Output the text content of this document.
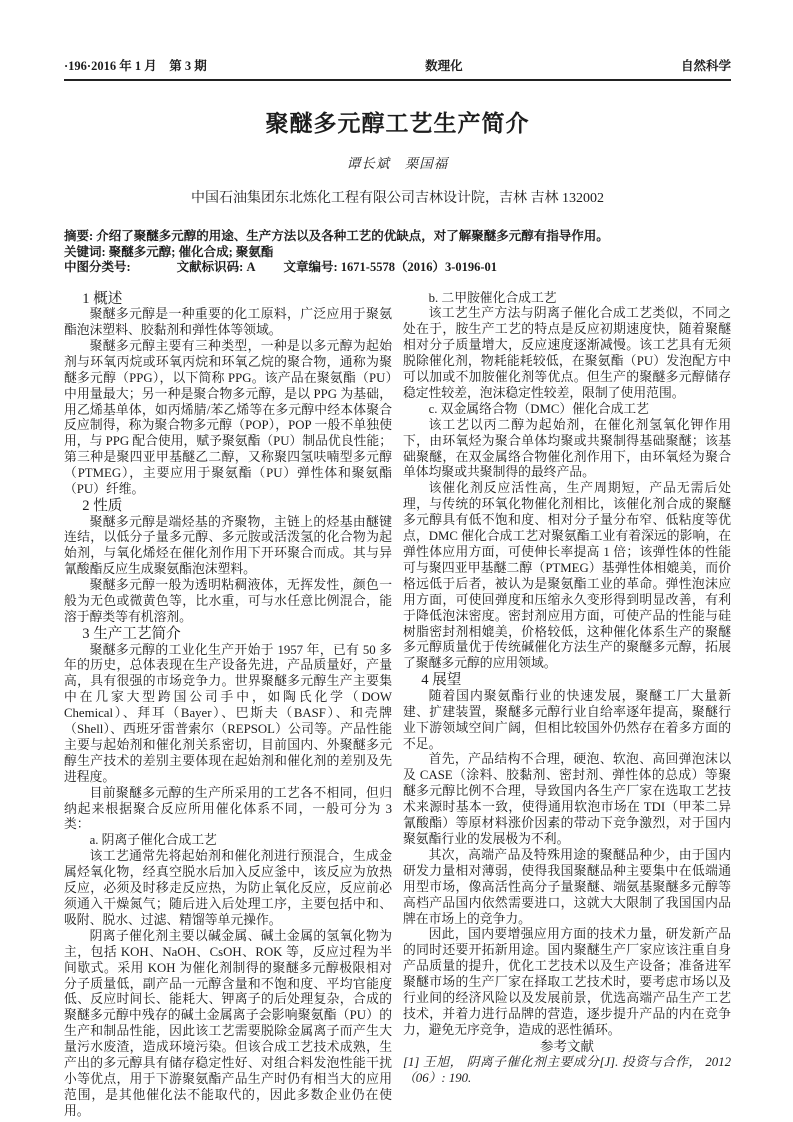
·196·2016 年 1 月　第 3 期	数理化	自然科学
聚醚多元醇工艺生产简介
谭长斌　栗国福
中国石油集团东北炼化工程有限公司吉林设计院，吉林 吉林 132002

摘要: 介绍了聚醚多元醇的用途、生产方法以及各种工艺的优缺点，对了解聚醚多元醇有指导作用。

关键词: 聚醚多元醇; 催化合成; 聚氨酯

中图分类号:	文献标识码: A 文章编号: 1671-5578（2016）3-0196-01

1 概述

聚醚多元醇是一种重要的化工原料，广泛应用于聚氨酯泡沫塑料、胶黏剂和弹性体等领域。

聚醚多元醇主要有三种类型，一种是以多元醇为起始剂与环氧丙烷或环氧丙烷和环氧乙烷的聚合物，通称为聚醚多元醇（PPG），以下简称 PPG。该产品在聚氨酯（PU）中用量最大；另一种是聚合物多元醇，是以 PPG 为基础，用乙烯基单体，如丙烯腈/苯乙烯等在多元醇中经本体聚合反应制得，称为聚合物多元醇（POP），POP 一般不单独使用，与 PPG 配合使用，赋予聚氨酯（PU）制品优良性能；第三种是聚四亚甲基醚乙二醇，又称聚四氢呋喃型多元醇（PTMEG），主要应用于聚氨酯（PU）弹性体和聚氨酯（PU）纤维。

2 性质

聚醚多元醇是端烃基的齐聚物，主链上的烃基由醚键连结，以低分子量多元醇、多元胺或活泼氢的化合物为起始剂，与氧化烯烃在催化剂作用下开环聚合而成。其与异氰酸酯反应生成聚氨酯泡沫塑料。

聚醚多元醇一般为透明粘稠液体，无挥发性，颜色一般为无色或微黄色等，比水重，可与水任意比例混合，能溶于醇类等有机溶剂。

3 生产工艺简介

聚醚多元醇的工业化生产开始于 1957 年，已有 50 多年的历史，总体表现在生产设备先进，产品质量好，产量高，具有很强的市场竞争力。世界聚醚多元醇生产主要集中在几家大型跨国公司手中，如陶氏化学（DOW Chemical）、拜耳（Bayer）、巴斯夫（BASF）、和壳牌（Shell）、西班牙雷普索尔（REPSOL）公司等。产品性能主要与起始剂和催化剂关系密切，目前国内、外聚醚多元醇生产技术的差别主要体现在起始剂和催化剂的差别及先进程度。

目前聚醚多元醇的生产所采用的工艺各不相同，但归纳起来根据聚合反应所用催化体系不同，一般可分为 3 类：

a. 阴离子催化合成工艺

该工艺通常先将起始剂和催化剂进行预混合，生成金属烃氧化物，经真空脱水后加入反应釜中，该反应为放热反应，必须及时移走反应热，为防止氧化反应，反应前必须通入干燥氮气；随后进入后处理工序，主要包括中和、吸附、脱水、过滤、精馏等单元操作。

阴离子催化剂主要以碱金属、碱土金属的氢氧化物为主，包括 KOH、NaOH、CsOH、ROK 等，反应过程为半间歇式。采用 KOH 为催化剂制得的聚醚多元醇极限相对分子质量低，副产品一元醇含量和不饱和度、平均官能度低、反应时间长、能耗大、钾离子的后处理复杂，合成的聚醚多元醇中残存的碱土金属离子会影响聚氨酯（PU）的生产和制品性能，因此该工艺需要脱除金属离子而产生大量污水废渣，造成环境污染。但该合成工艺技术成熟，生产出的多元醇具有储存稳定性好、对组合料发泡性能干扰小等优点，用于下游聚氨酯产品生产时仍有相当大的应用范围，是其他催化法不能取代的，因此多数企业仍在使用。

b. 二甲胺催化合成工艺

该工艺生产方法与阴离子催化合成工艺类似，不同之处在于，胺生产工艺的特点是反应初期速度快，随着聚醚相对分子质量增大，反应速度逐渐减慢。该工艺具有无须脱除催化剂，物耗能耗较低，在聚氨酯（PU）发泡配方中可以加或不加胺催化剂等优点。但生产的聚醚多元醇储存稳定性较差，泡沫稳定性较差，限制了使用范围。

c. 双金属络合物（DMC）催化合成工艺

该工艺以丙二醇为起始剂，在催化剂氢氧化钾作用下，由环氧烃为聚合单体均聚或共聚制得基础聚醚；该基础聚醚，在双金属络合物催化剂作用下，由环氧烃为聚合单体均聚或共聚制得的最终产品。

该催化剂反应活性高，生产周期短，产品无需后处理，与传统的环氧化物催化剂相比，该催化剂合成的聚醚多元醇具有低不饱和度、相对分子量分布窄、低粘度等优点，DMC 催化合成工艺对聚氨酯工业有着深远的影响，在弹性体应用方面，可使伸长率提高 1 倍；该弹性体的性能可与聚四亚甲基醚二醇（PTMEG）基弹性体相媲美，而价格远低于后者，被认为是聚氨酯工业的革命。弹性泡沫应用方面，可使回弹度和压缩永久变形得到明显改善，有利于降低泡沫密度。密封剂应用方面，可使产品的性能与硅树脂密封剂相媲美，价格较低，这种催化体系生产的聚醚多元醇质量优于传统碱催化方法生产的聚醚多元醇，拓展了聚醚多元醇的应用领域。

4 展望

随着国内聚氨酯行业的快速发展，聚醚工厂大量新建、扩建装置，聚醚多元醇行业自给率逐年提高，聚醚行业下游领域空间广阔，但相比较国外仍然存在着多方面的不足。

首先，产品结构不合理，硬泡、软泡、高回弹泡沫以及 CASE（涂料、胶黏剂、密封剂、弹性体的总成）等聚醚多元醇比例不合理，导致国内各生产厂家在选取工艺技术来源时基本一致，使得通用软泡市场在 TDI（甲苯二异氰酸酯）等原材料涨价因素的带动下竞争激烈，对于国内聚氨酯行业的发展极为不利。

其次，高端产品及特殊用途的聚醚品种少，由于国内研发力量相对薄弱，使得我国聚醚品种主要集中在低端通用型市场，像高活性高分子量聚醚、端氨基聚醚多元醇等高档产品国内依然需要进口，这就大大限制了我国国内品牌在市场上的竞争力。

因此，国内要增强应用方面的技术力量，研发新产品的同时还要开拓新用途。国内聚醚生产厂家应该注重自身产品质量的提升，优化工艺技术以及生产设备；准备进军聚醚市场的生产厂家在择取工艺技术时，要考虑市场以及行业间的经济风险以及发展前景，优选高端产品生产工艺技术，并着力进行品牌的营造，逐步提升产品的内在竞争力，避免无序竞争，造成的恶性循环。

参考文献

[1] 王旭， 阴离子催化剂主要成分[J]. 投资与合作， 2012（06）: 190.
